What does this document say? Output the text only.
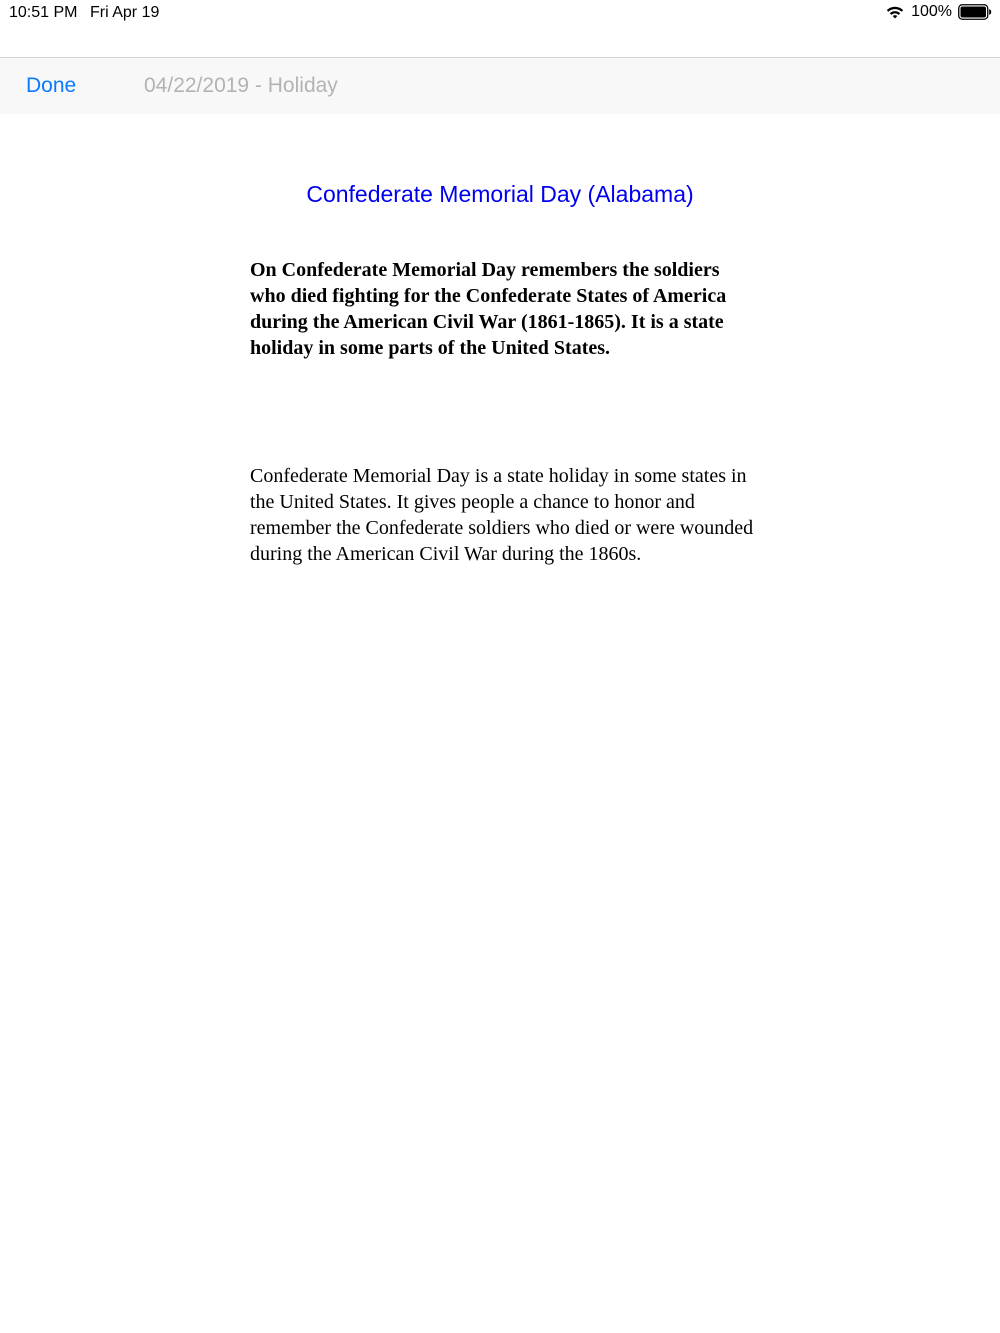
10:51 PM Fri Apr 19	100%
Done	04/22/2019 - Holiday
Confederate Memorial Day (Alabama)

On Confederate Memorial Day remembers the soldiers who died fighting for the Confederate States of America during the American Civil War (1861-1865). It is a state holiday in some parts of the United States.

Confederate Memorial Day is a state holiday in some states in the United States. It gives people a chance to honor and remember the Confederate soldiers who died or were wounded during the American Civil War during the 1860s.
